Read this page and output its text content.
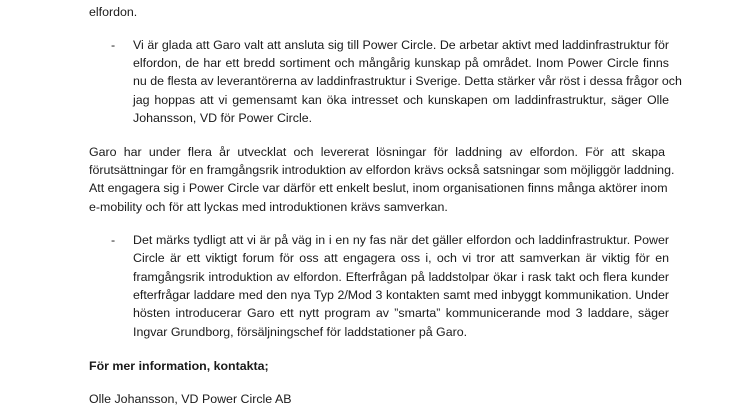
elfordon.
- Vi är glada att Garo valt att ansluta sig till Power Circle. De arbetar aktivt med laddinfrastruktur för
elfordon, de har ett bredd sortiment och mångårig kunskap på området. Inom Power Circle finns
nu de flesta av leverantörerna av laddinfrastruktur i Sverige. Detta stärker vår röst i dessa frågor och
jag hoppas att vi gemensamt kan öka intresset och kunskapen om laddinfrastruktur, säger Olle
Johansson, VD för Power Circle.
Garo har under flera år utvecklat och levererat lösningar för laddning av elfordon. För att skapa
förutsättningar för en framgångsrik introduktion av elfordon krävs också satsningar som möjliggör laddning.
Att engagera sig i Power Circle var därför ett enkelt beslut, inom organisationen finns många aktörer inom
e-mobility och för att lyckas med introduktionen krävs samverkan.
- Det märks tydligt att vi är på väg in i en ny fas när det gäller elfordon och laddinfrastruktur. Power
Circle är ett viktigt forum för oss att engagera oss i, och vi tror att samverkan är viktig för en
framgångsrik introduktion av elfordon. Efterfrågan på laddstolpar ökar i rask takt och flera kunder
efterfrågar laddare med den nya Typ 2/Mod 3 kontakten samt med inbyggt kommunikation. Under
hösten introducerar Garo ett nytt program av ”smarta” kommunicerande mod 3 laddare, säger
Ingvar Grundborg, försäljningschef för laddstationer på Garo.
För mer information, kontakta;
Olle Johansson, VD Power Circle AB
